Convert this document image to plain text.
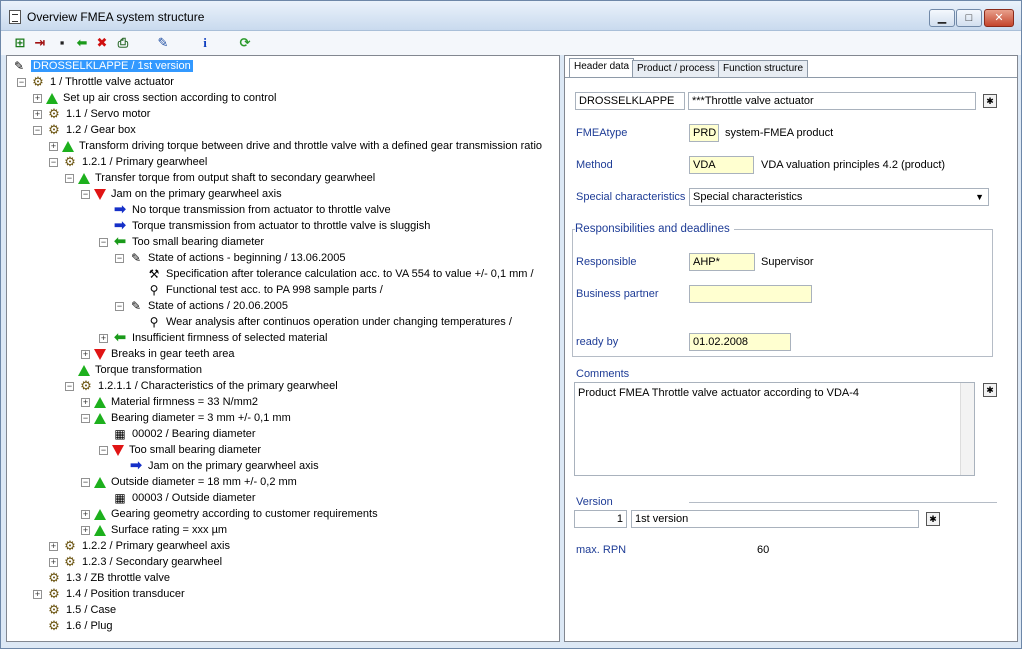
Overview FMEA system structure	▁	□	✕
⊞ ⇥	▪ ⬅ ✖ ⎙ ✎	i	⟳
✎ DROSSELKLAPPE / 1st version
− ⚙ 1 / Throttle valve actuator
+ Set up air cross section according to control
+ ⚙ 1.1 / Servo motor
− ⚙ 1.2 / Gear box
+ Transform driving torque between drive and throttle valve with a defined gear transmission ratio
− ⚙ 1.2.1 / Primary gearwheel
− Transfer torque from output shaft to secondary gearwheel
− Jam on the primary gearwheel axis
➡ No torque transmission from actuator to throttle valve
➡ Torque transmission from actuator to throttle valve is sluggish
− ⬅ Too small bearing diameter
− ✎ State of actions - beginning / 13.06.2005
⚒ Specification after tolerance calculation acc. to VA 554 to value +/- 0,1 mm /
⚲ Functional test acc. to PA 998 sample parts /
− ✎ State of actions / 20.06.2005
⚲ Wear analysis after continuos operation under changing temperatures /
+ ⬅ Insufficient firmness of selected material
+ Breaks in gear teeth area
Torque transformation
− ⚙ 1.2.1.1 / Characteristics of the primary gearwheel
+ Material firmness = 33 N/mm2
− Bearing diameter = 3 mm +/- 0,1 mm
▦ 00002 / Bearing diameter
− Too small bearing diameter
➡ Jam on the primary gearwheel axis
− Outside diameter = 18 mm +/- 0,2 mm
▦ 00003 / Outside diameter
+ Gearing geometry according to customer requirements
+ Surface rating = xxx µm
+ ⚙ 1.2.2 / Primary gearwheel axis
+ ⚙ 1.2.3 / Secondary gearwheel
⚙ 1.3 / ZB throttle valve
+ ⚙ 1.4 / Position transducer
⚙ 1.5 / Case
⚙ 1.6 / Plug
Header data Product / process Function structure
DROSSELKLAPPE	***Throttle valve actuator	✱
FMEAtype	PRD system-FMEA product
Method	VDA	VDA valuation principles 4.2 (product)
Special characteristics Special characteristics	▼
Responsibilities and deadlines
Responsible	AHP*	Supervisor
Business partner
ready by	01.02.2008
Comments
Product FMEA Throttle valve actuator according to VDA-4	✱
Version
1	1st version	✱
max. RPN	60
